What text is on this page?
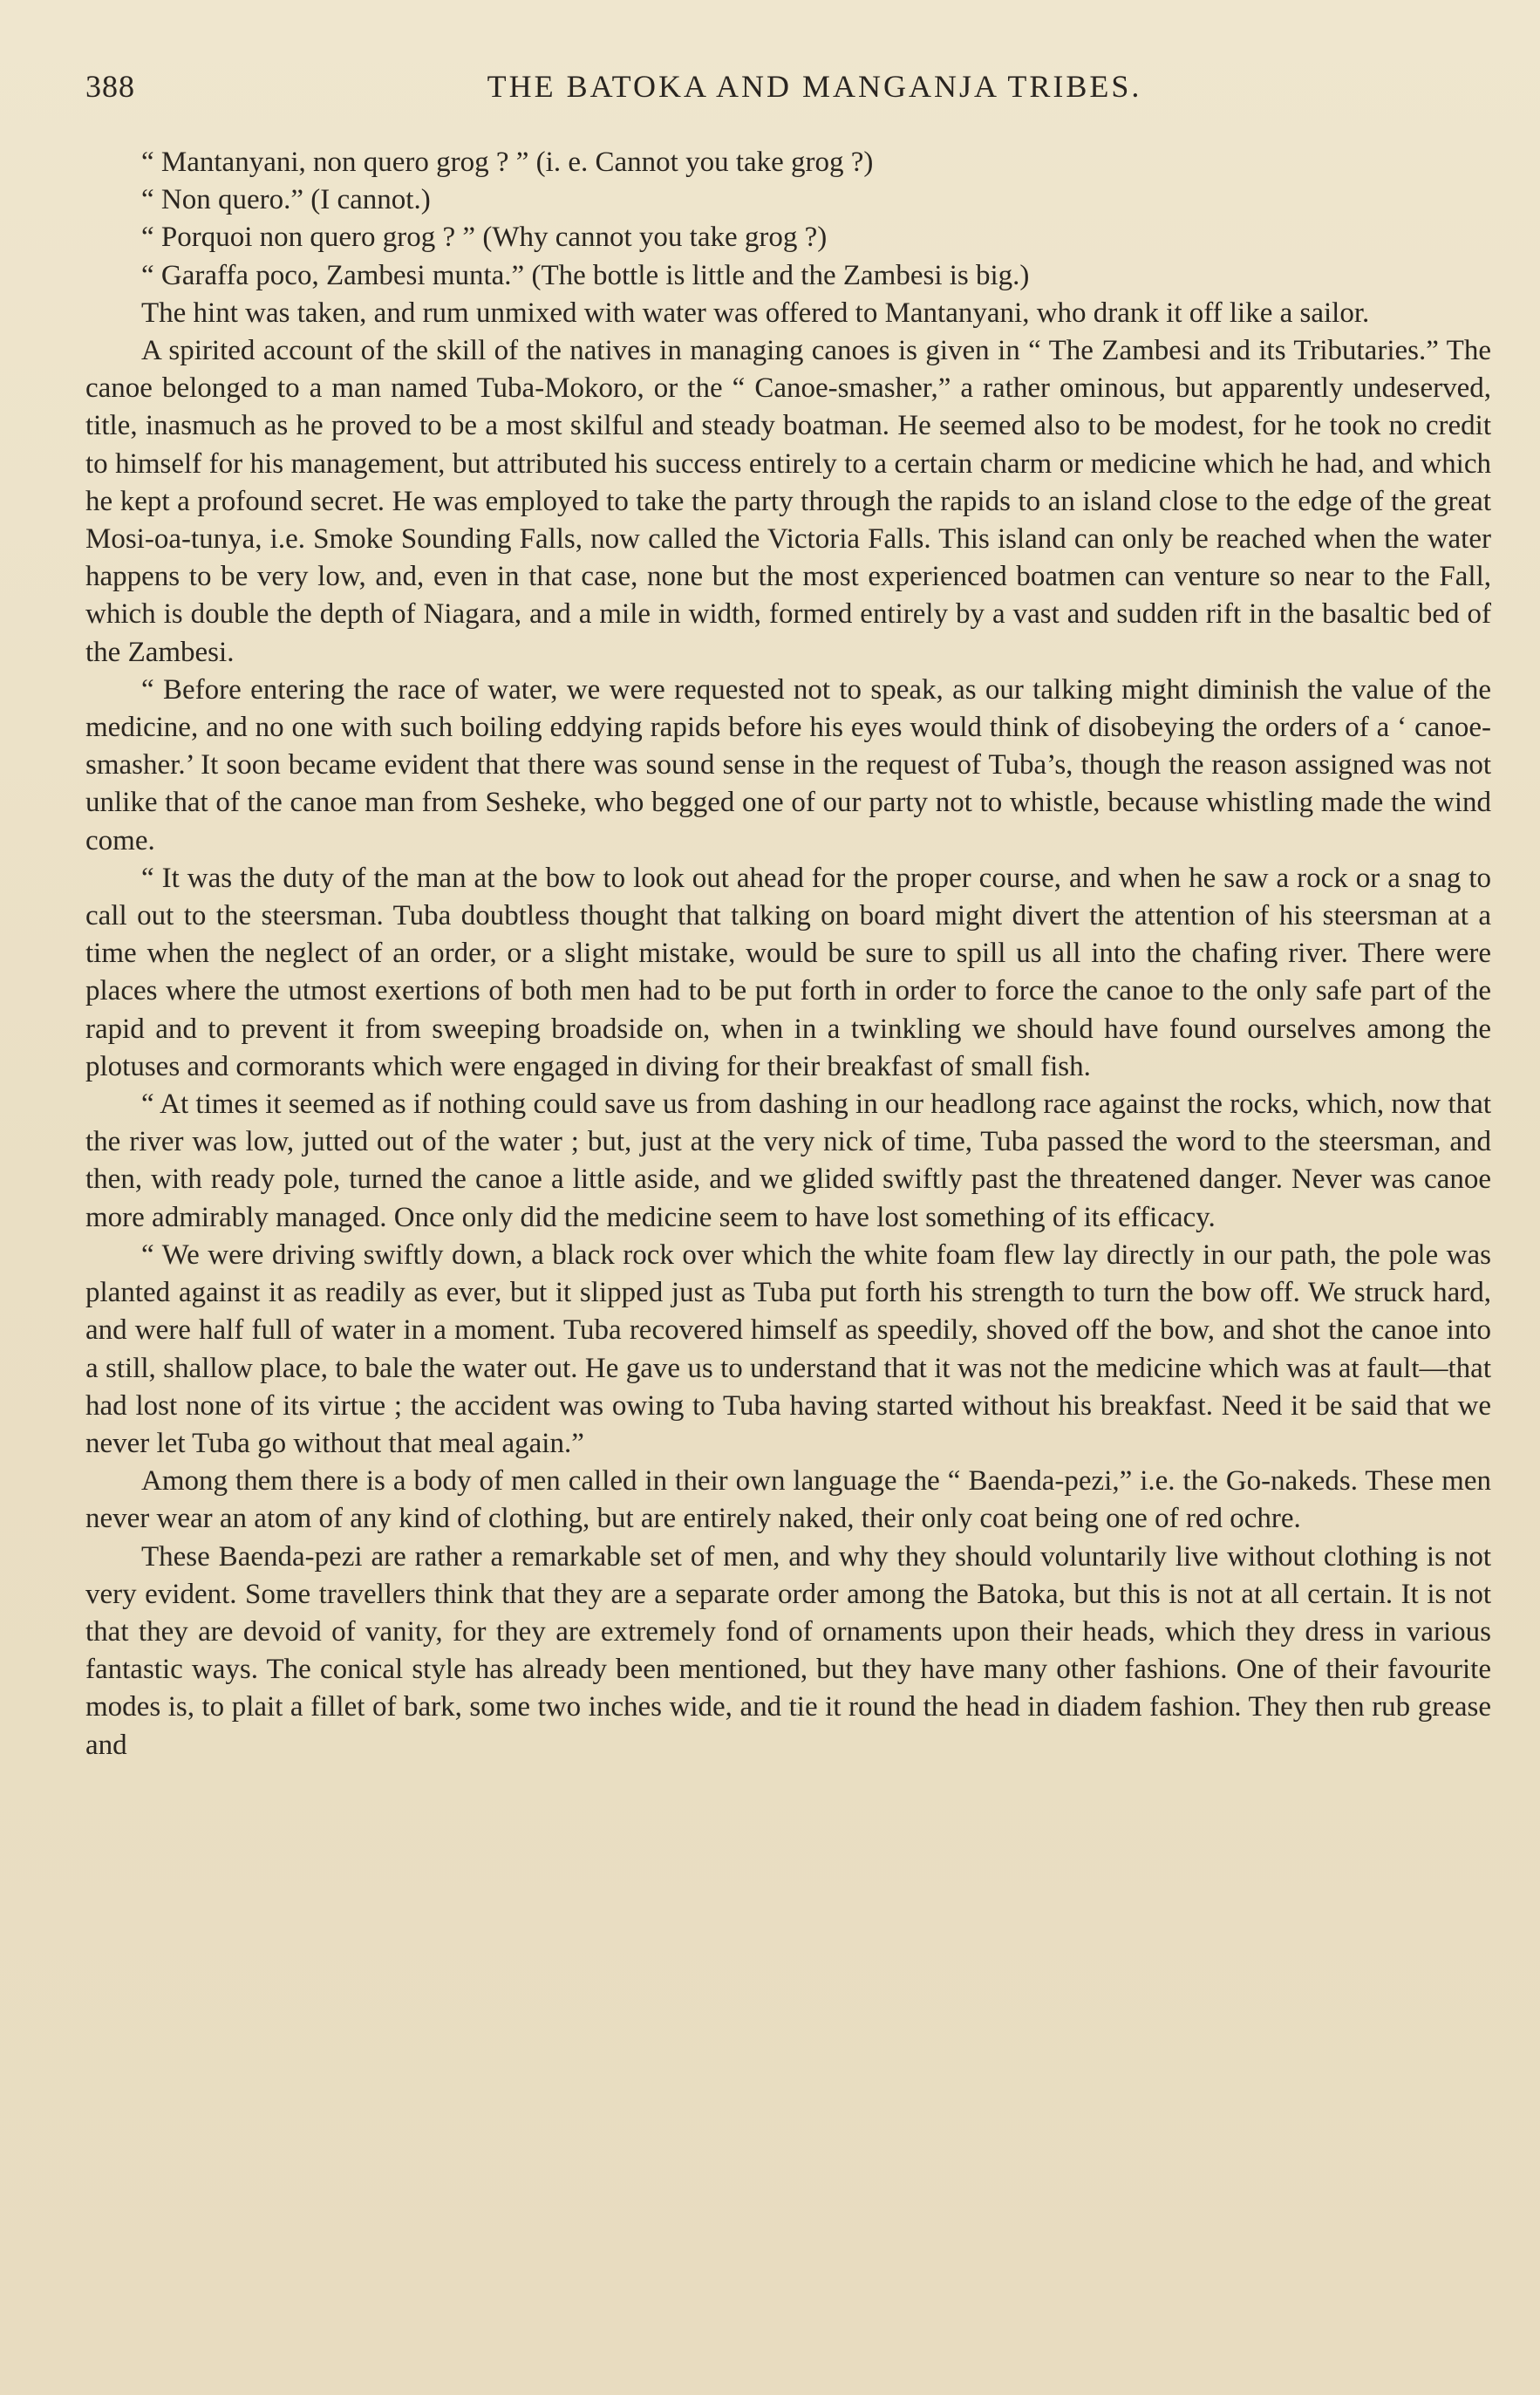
388	THE BATOKA AND MANGANJA TRIBES.

“ Mantanyani, non quero grog ? ” (i. e. Cannot you take grog ?)

“ Non quero.” (I cannot.)

“ Porquoi non quero grog ? ” (Why cannot you take grog ?)

“ Garaffa poco, Zambesi munta.” (The bottle is little and the Zambesi is big.)

The hint was taken, and rum unmixed with water was offered to Mantanyani, who drank it off like a sailor.

A spirited account of the skill of the natives in managing canoes is given in “ The Zambesi and its Tributaries.” The canoe belonged to a man named Tuba-Mokoro, or the “ Canoe-smasher,” a rather ominous, but apparently undeserved, title, inasmuch as he proved to be a most skilful and steady boatman. He seemed also to be modest, for he took no credit to himself for his management, but attributed his success entirely to a certain charm or medicine which he had, and which he kept a profound secret. He was employed to take the party through the rapids to an island close to the edge of the great Mosi-oa-tunya, i.e. Smoke Sounding Falls, now called the Victoria Falls. This island can only be reached when the water happens to be very low, and, even in that case, none but the most experienced boatmen can venture so near to the Fall, which is double the depth of Niagara, and a mile in width, formed entirely by a vast and sudden rift in the basaltic bed of the Zambesi.

“ Before entering the race of water, we were requested not to speak, as our talking might diminish the value of the medicine, and no one with such boiling eddying rapids before his eyes would think of disobeying the orders of a ‘ canoe-smasher.’ It soon became evident that there was sound sense in the request of Tuba’s, though the reason assigned was not unlike that of the canoe man from Sesheke, who begged one of our party not to whistle, because whistling made the wind come.

“ It was the duty of the man at the bow to look out ahead for the proper course, and when he saw a rock or a snag to call out to the steersman. Tuba doubtless thought that talking on board might divert the attention of his steersman at a time when the neglect of an order, or a slight mistake, would be sure to spill us all into the chafing river. There were places where the utmost exertions of both men had to be put forth in order to force the canoe to the only safe part of the rapid and to prevent it from sweeping broadside on, when in a twinkling we should have found ourselves among the plotuses and cormorants which were engaged in diving for their breakfast of small fish.

“ At times it seemed as if nothing could save us from dashing in our headlong race against the rocks, which, now that the river was low, jutted out of the water ; but, just at the very nick of time, Tuba passed the word to the steersman, and then, with ready pole, turned the canoe a little aside, and we glided swiftly past the threatened danger. Never was canoe more admirably managed. Once only did the medicine seem to have lost something of its efficacy.

“ We were driving swiftly down, a black rock over which the white foam flew lay directly in our path, the pole was planted against it as readily as ever, but it slipped just as Tuba put forth his strength to turn the bow off. We struck hard, and were half full of water in a moment. Tuba recovered himself as speedily, shoved off the bow, and shot the canoe into a still, shallow place, to bale the water out. He gave us to understand that it was not the medicine which was at fault—that had lost none of its virtue ; the accident was owing to Tuba having started without his breakfast. Need it be said that we never let Tuba go without that meal again.”

Among them there is a body of men called in their own language the “ Baenda-pezi,” i.e. the Go-nakeds. These men never wear an atom of any kind of clothing, but are entirely naked, their only coat being one of red ochre.

These Baenda-pezi are rather a remarkable set of men, and why they should voluntarily live without clothing is not very evident. Some travellers think that they are a separate order among the Batoka, but this is not at all certain. It is not that they are devoid of vanity, for they are extremely fond of ornaments upon their heads, which they dress in various fantastic ways. The conical style has already been mentioned, but they have many other fashions. One of their favourite modes is, to plait a fillet of bark, some two inches wide, and tie it round the head in diadem fashion. They then rub grease and
